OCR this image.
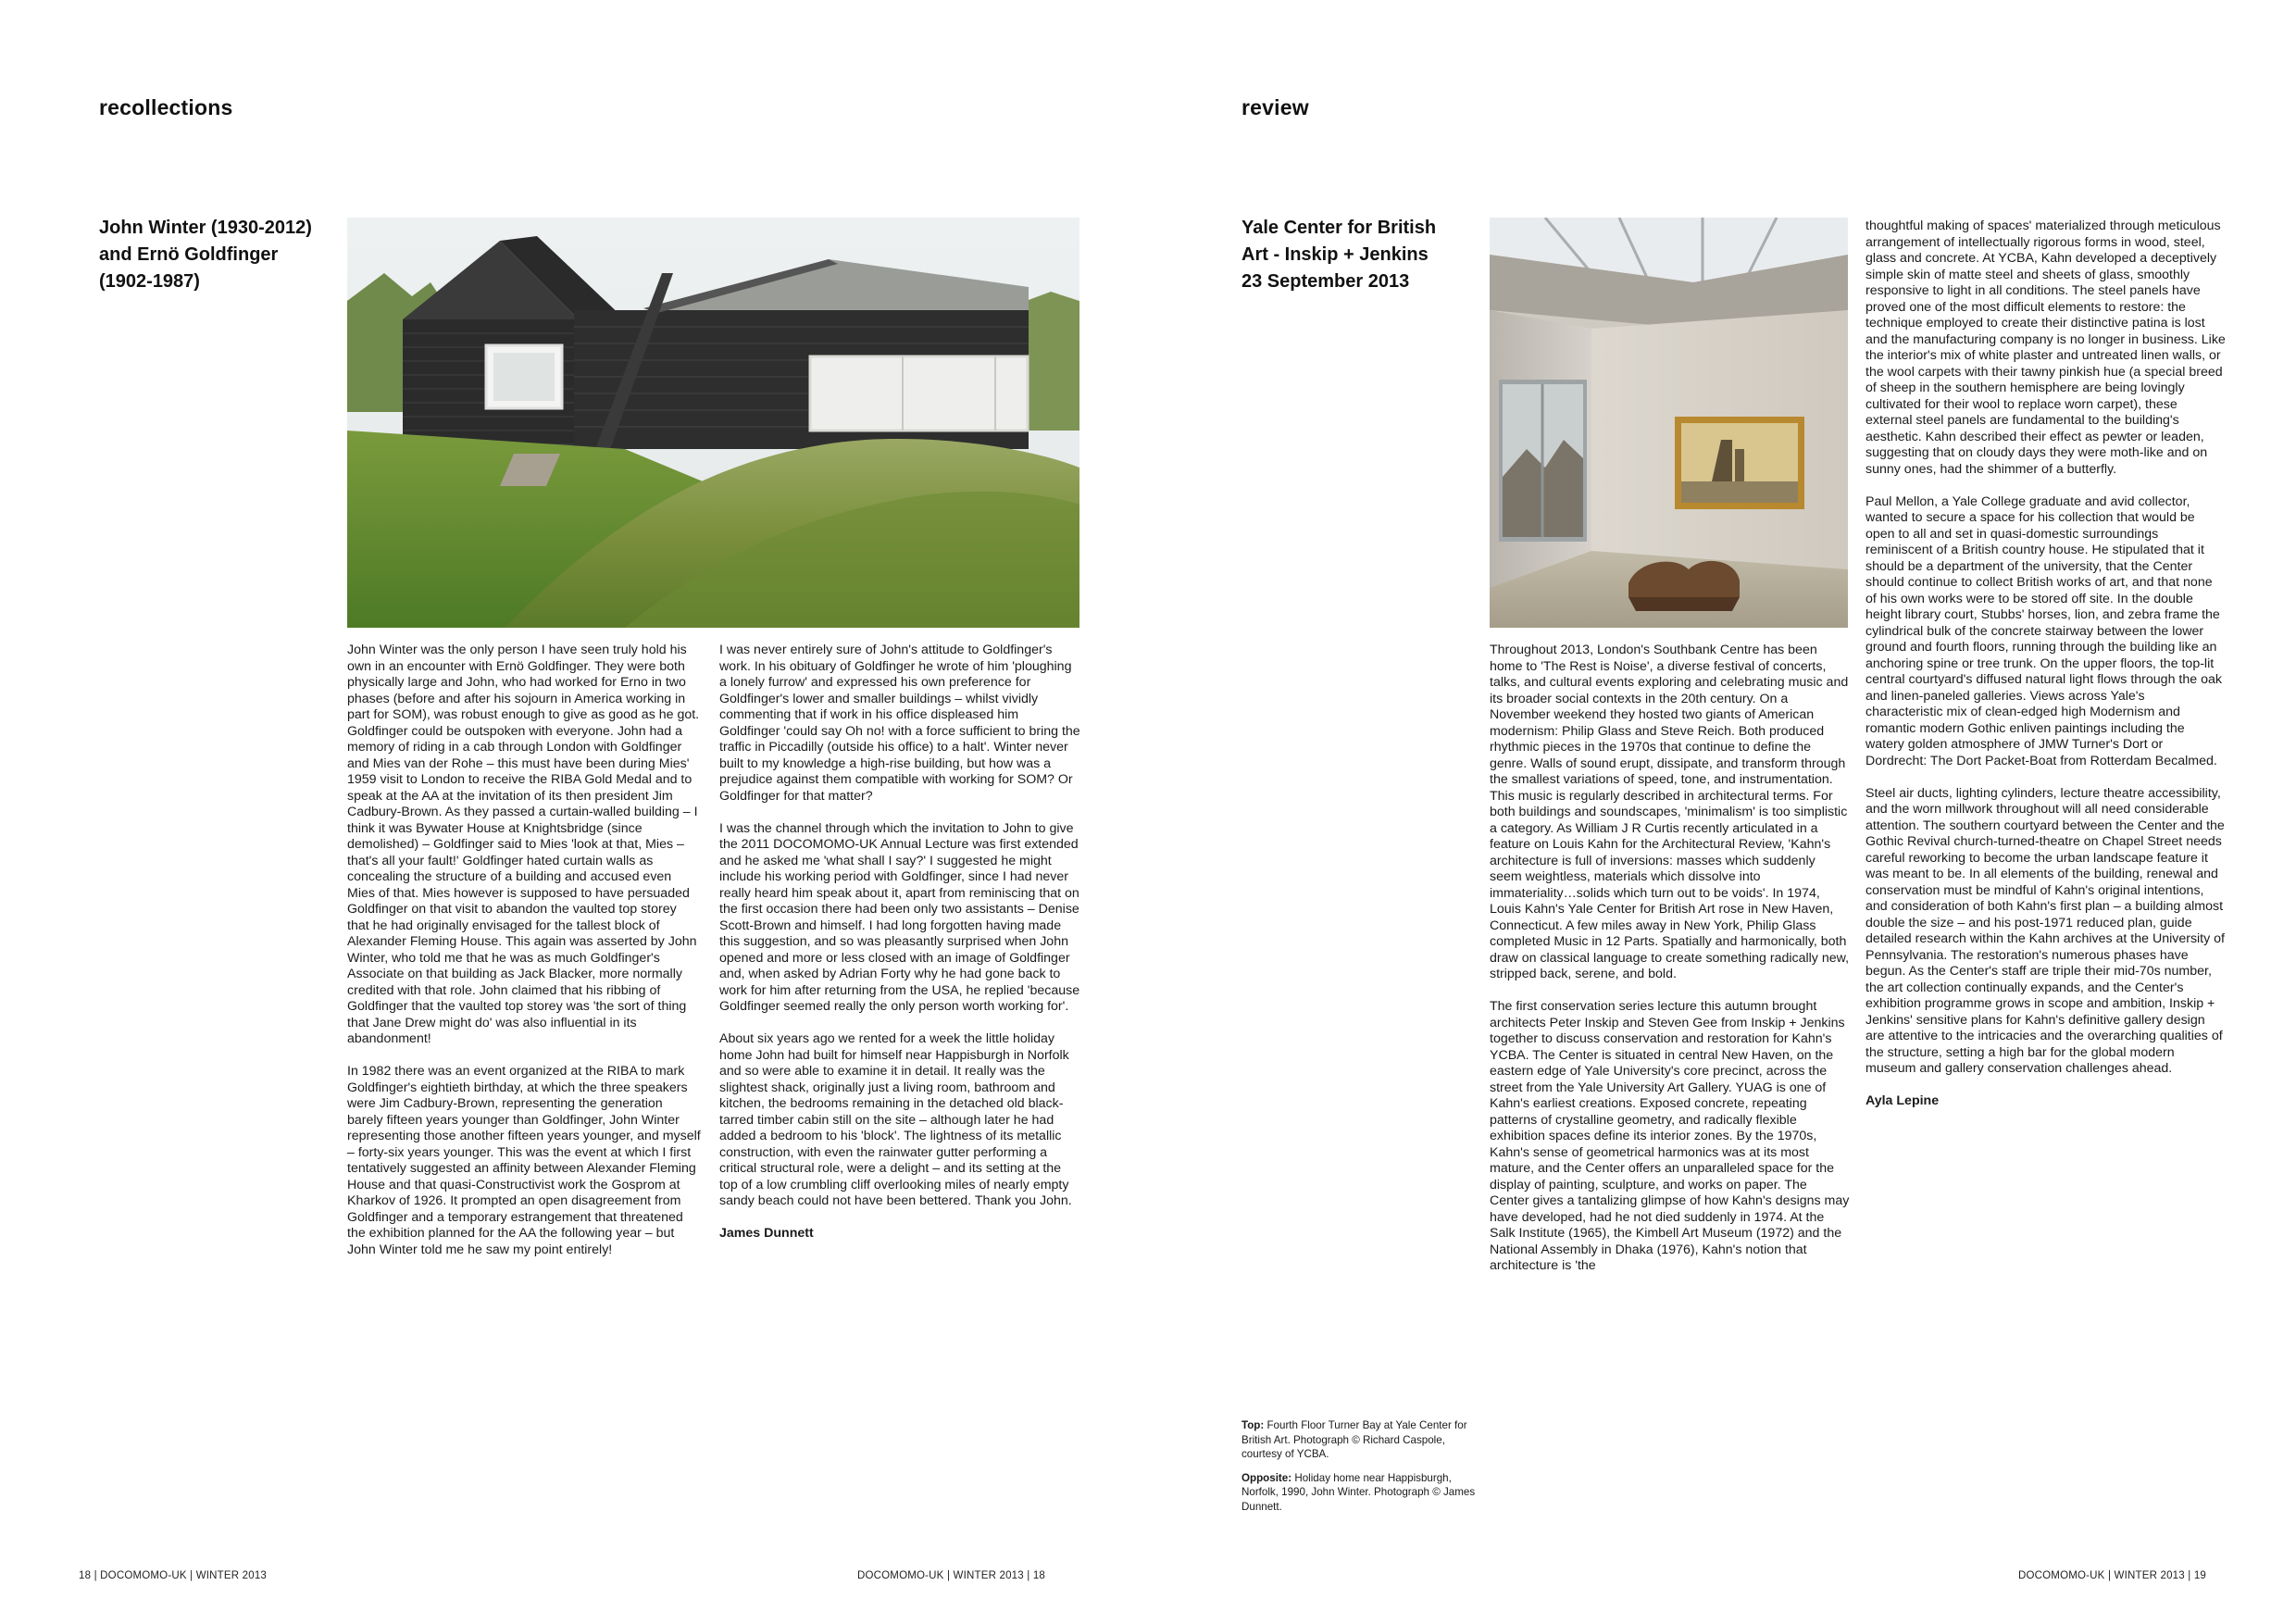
recollections
John Winter (1930-2012)
and Ernö Goldfinger
(1902-1987)

John Winter was the only person I have seen truly hold his own in an encounter with Ernö Goldfinger. They were both physically large and John, who had worked for Erno in two phases (before and after his sojourn in America working in part for SOM), was robust enough to give as good as he got. Goldfinger could be outspoken with everyone. John had a memory of riding in a cab through London with Goldfinger and Mies van der Rohe – this must have been during Mies' 1959 visit to London to receive the RIBA Gold Medal and to speak at the AA at the invitation of its then president Jim Cadbury-Brown. As they passed a curtain-walled building – I think it was Bywater House at Knightsbridge (since demolished) – Goldfinger said to Mies 'look at that, Mies – that's all your fault!' Goldfinger hated curtain walls as concealing the structure of a building and accused even Mies of that. Mies however is supposed to have persuaded Goldfinger on that visit to abandon the vaulted top storey that he had originally envisaged for the tallest block of Alexander Fleming House. This again was asserted by John Winter, who told me that he was as much Goldfinger's Associate on that building as Jack Blacker, more normally credited with that role. John claimed that his ribbing of Goldfinger that the vaulted top storey was 'the sort of thing that Jane Drew might do' was also influential in its abandonment!

In 1982 there was an event organized at the RIBA to mark Goldfinger's eightieth birthday, at which the three speakers were Jim Cadbury-Brown, representing the generation barely fifteen years younger than Goldfinger, John Winter representing those another fifteen years younger, and myself – forty-six years younger. This was the event at which I first tentatively suggested an affinity between Alexander Fleming House and that quasi-Constructivist work the Gosprom at Kharkov of 1926. It prompted an open disagreement from Goldfinger and a temporary estrangement that threatened the exhibition planned for the AA the following year – but John Winter told me he saw my point entirely!

I was never entirely sure of John's attitude to Goldfinger's work. In his obituary of Goldfinger he wrote of him 'ploughing a lonely furrow' and expressed his own preference for Goldfinger's lower and smaller buildings – whilst vividly commenting that if work in his office displeased him Goldfinger 'could say Oh no! with a force sufficient to bring the traffic in Piccadilly (outside his office) to a halt'. Winter never built to my knowledge a high-rise building, but how was a prejudice against them compatible with working for SOM? Or Goldfinger for that matter?

I was the channel through which the invitation to John to give the 2011 DOCOMOMO-UK Annual Lecture was first extended and he asked me 'what shall I say?' I suggested he might include his working period with Goldfinger, since I had never really heard him speak about it, apart from reminiscing that on the first occasion there had been only two assistants – Denise Scott-Brown and himself. I had long forgotten having made this suggestion, and so was pleasantly surprised when John opened and more or less closed with an image of Goldfinger and, when asked by Adrian Forty why he had gone back to work for him after returning from the USA, he replied 'because Goldfinger seemed really the only person worth working for'.

About six years ago we rented for a week the little holiday home John had built for himself near Happisburgh in Norfolk and so were able to examine it in detail. It really was the slightest shack, originally just a living room, bathroom and kitchen, the bedrooms remaining in the detached old black-tarred timber cabin still on the site – although later he had added a bedroom to his 'block'. The lightness of its metallic construction, with even the rainwater gutter performing a critical structural role, were a delight – and its setting at the top of a low crumbling cliff overlooking miles of nearly empty sandy beach could not have been bettered. Thank you John.

James Dunnett
18 | DOCOMOMO-UK | WINTER 2013	DOCOMOMO-UK | WINTER 2013 | 18
review
Yale Center for British
Art - Inskip + Jenkins
23 September 2013

Top: Fourth Floor Turner Bay at Yale Center for British Art. Photograph © Richard Caspole, courtesy of YCBA.

Opposite: Holiday home near Happisburgh, Norfolk, 1990, John Winter. Photograph © James Dunnett.

Throughout 2013, London's Southbank Centre has been home to 'The Rest is Noise', a diverse festival of concerts, talks, and cultural events exploring and celebrating music and its broader social contexts in the 20th century. On a November weekend they hosted two giants of American modernism: Philip Glass and Steve Reich. Both produced rhythmic pieces in the 1970s that continue to define the genre. Walls of sound erupt, dissipate, and transform through the smallest variations of speed, tone, and instrumentation. This music is regularly described in architectural terms. For both buildings and soundscapes, 'minimalism' is too simplistic a category. As William J R Curtis recently articulated in a feature on Louis Kahn for the Architectural Review, 'Kahn's architecture is full of inversions: masses which suddenly seem weightless, materials which dissolve into immateriality…solids which turn out to be voids'. In 1974, Louis Kahn's Yale Center for British Art rose in New Haven, Connecticut. A few miles away in New York, Philip Glass completed Music in 12 Parts. Spatially and harmonically, both draw on classical language to create something radically new, stripped back, serene, and bold.

The first conservation series lecture this autumn brought architects Peter Inskip and Steven Gee from Inskip + Jenkins together to discuss conservation and restoration for Kahn's YCBA. The Center is situated in central New Haven, on the eastern edge of Yale University's core precinct, across the street from the Yale University Art Gallery. YUAG is one of Kahn's earliest creations. Exposed concrete, repeating patterns of crystalline geometry, and radically flexible exhibition spaces define its interior zones. By the 1970s, Kahn's sense of geometrical harmonics was at its most mature, and the Center offers an unparalleled space for the display of painting, sculpture, and works on paper. The Center gives a tantalizing glimpse of how Kahn's designs may have developed, had he not died suddenly in 1974. At the Salk Institute (1965), the Kimbell Art Museum (1972) and the National Assembly in Dhaka (1976), Kahn's notion that architecture is 'the

thoughtful making of spaces' materialized through meticulous arrangement of intellectually rigorous forms in wood, steel, glass and concrete. At YCBA, Kahn developed a deceptively simple skin of matte steel and sheets of glass, smoothly responsive to light in all conditions. The steel panels have proved one of the most difficult elements to restore: the technique employed to create their distinctive patina is lost and the manufacturing company is no longer in business. Like the interior's mix of white plaster and untreated linen walls, or the wool carpets with their tawny pinkish hue (a special breed of sheep in the southern hemisphere are being lovingly cultivated for their wool to replace worn carpet), these external steel panels are fundamental to the building's aesthetic. Kahn described their effect as pewter or leaden, suggesting that on cloudy days they were moth-like and on sunny ones, had the shimmer of a butterfly.

Paul Mellon, a Yale College graduate and avid collector, wanted to secure a space for his collection that would be open to all and set in quasi-domestic surroundings reminiscent of a British country house. He stipulated that it should be a department of the university, that the Center should continue to collect British works of art, and that none of his own works were to be stored off site. In the double height library court, Stubbs' horses, lion, and zebra frame the cylindrical bulk of the concrete stairway between the lower ground and fourth floors, running through the building like an anchoring spine or tree trunk. On the upper floors, the top-lit central courtyard's diffused natural light flows through the oak and linen-paneled galleries. Views across Yale's characteristic mix of clean-edged high Modernism and romantic modern Gothic enliven paintings including the watery golden atmosphere of JMW Turner's Dort or Dordrecht: The Dort Packet-Boat from Rotterdam Becalmed.

Steel air ducts, lighting cylinders, lecture theatre accessibility, and the worn millwork throughout will all need considerable attention. The southern courtyard between the Center and the Gothic Revival church-turned-theatre on Chapel Street needs careful reworking to become the urban landscape feature it was meant to be. In all elements of the building, renewal and conservation must be mindful of Kahn's original intentions, and consideration of both Kahn's first plan – a building almost double the size – and his post-1971 reduced plan, guide detailed research within the Kahn archives at the University of Pennsylvania. The restoration's numerous phases have begun. As the Center's staff are triple their mid-70s number, the art collection continually expands, and the Center's exhibition programme grows in scope and ambition, Inskip + Jenkins' sensitive plans for Kahn's definitive gallery design are attentive to the intricacies and the overarching qualities of the structure, setting a high bar for the global modern museum and gallery conservation challenges ahead.

Ayla Lepine
DOCOMOMO-UK | WINTER 2013 | 19
